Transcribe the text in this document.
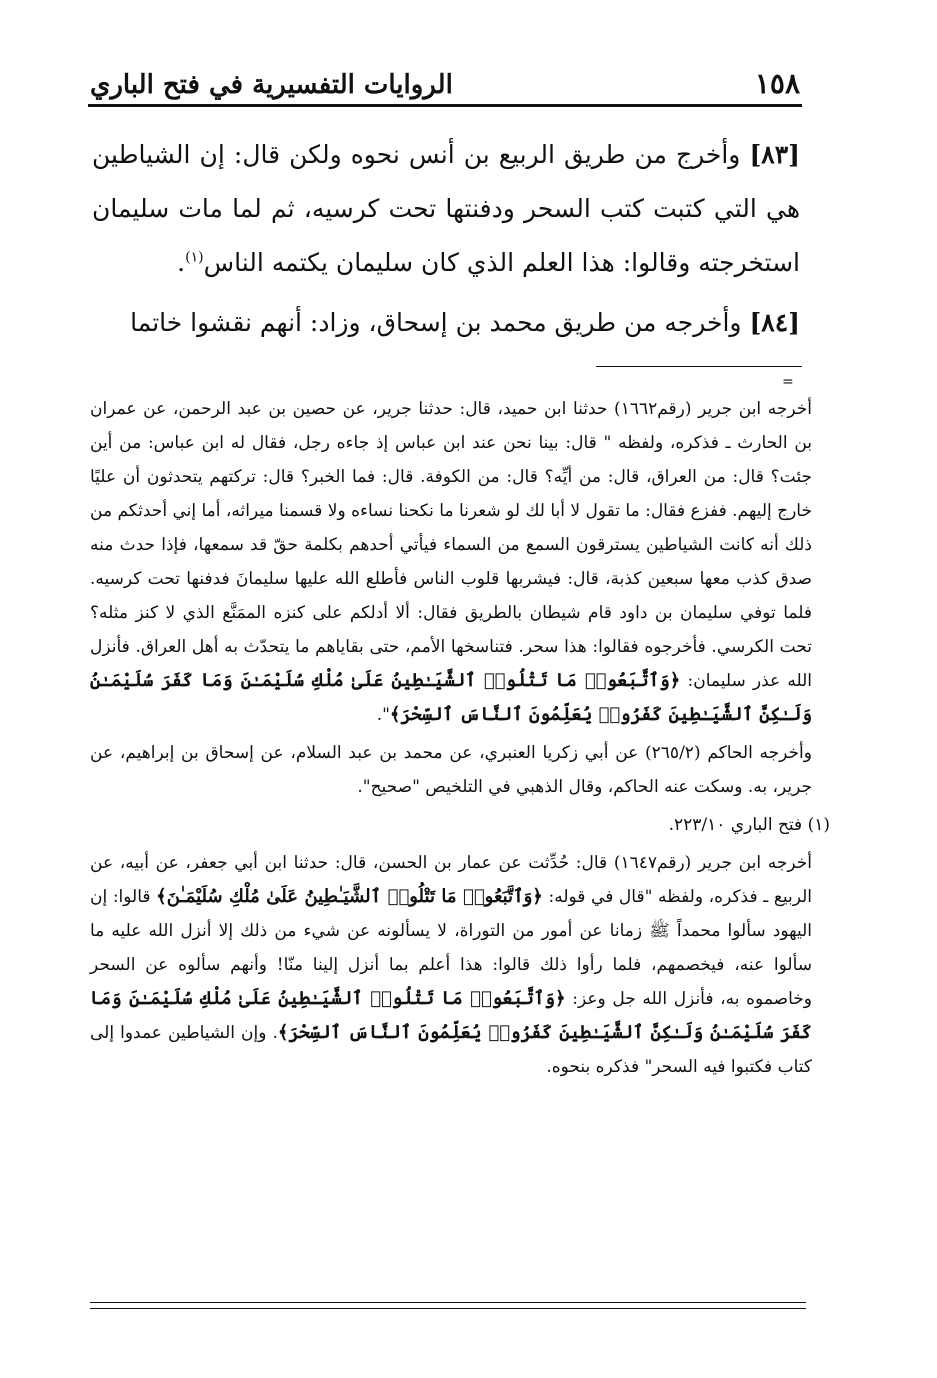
١٥٨
الروايات التفسيرية في فتح الباري

[٨٣] وأخرج من طريق الربيع بن أنس نحوه ولكن قال: إن الشياطين هي التي كتبت كتب السحر ودفنتها تحت كرسيه، ثم لما مات سليمان استخرجته وقالوا: هذا العلم الذي كان سليمان يكتمه الناس$^{(١)}$.

[٨٤] وأخرجه من طريق محمد بن إسحاق، وزاد: أنهم نقشوا خاتما

=

أخرجه ابن جرير (رقم١٦٦٢) حدثنا ابن حميد، قال: حدثنا جرير، عن حصين بن عبد الرحمن، عن عمران بن الحارث ـ فذكره، ولفظه " قال: بينا نحن عند ابن عباس إذ جاءه رجل، فقال له ابن عباس: من أين جئت؟ قال: من العراق، قال: من أيِّه؟ قال: من الكوفة. قال: فما الخبر؟ قال: تركتهم يتحدثون أن عليًا خارج إليهم. ففزع فقال: ما تقول لا أبا لك لو شعرنا ما نكحنا نساءه ولا قسمنا ميراثه، أما إني أحدثكم من ذلك أنه كانت الشياطين يسترقون السمع من السماء فيأتي أحدهم بكلمة حقّ قد سمعها، فإذا حدث منه صدق كذب معها سبعين كذبة، قال: فيشربها قلوب الناس فأطلع الله عليها سليمانَ فدفنها تحت كرسيه. فلما توفي سليمان بن داود قام شيطان بالطريق فقال: ألا أدلكم على كنزه الممَنَّع الذي لا كنز مثله؟ تحت الكرسي. فأخرجوه فقالوا: هذا سحر. فتناسخها الأمم، حتى بقاياهم ما يتحدّث به أهل العراق. فأنزل الله عذر سليمان: ﴿وَٱتَّبَعُوا۟ مَا تَتْلُوا۟ ٱلشَّيَـٰطِينُ عَلَىٰ مُلْكِ سُلَيْمَـٰنَ وَمَا كَفَرَ سُلَيْمَـٰنُ وَلَـٰكِنَّ ٱلشَّيَـٰطِينَ كَفَرُوا۟ يُعَلِّمُونَ ٱلنَّاسَ ٱلسِّحْرَ﴾".

وأخرجه الحاكم (٢٦٥/٢) عن أبي زكريا العنبري، عن محمد بن عبد السلام، عن إسحاق بن إبراهيم، عن جرير، به. وسكت عنه الحاكم، وقال الذهبي في التلخيص "صحيح".

(١) فتح الباري ٢٢٣/١٠.

أخرجه ابن جرير (رقم١٦٤٧) قال: حُدِّثت عن عمار بن الحسن، قال: حدثنا ابن أبي جعفر، عن أبيه، عن الربيع ـ فذكره، ولفظه "قال في قوله: ﴿وَٱتَّبَعُوا۟ مَا تَتْلُوا۟ ٱلشَّيَـٰطِينُ عَلَىٰ مُلْكِ سُلَيْمَـٰنَ﴾ قالوا: إن اليهود سألوا محمداً ﷺ زمانا عن أمور من التوراة، لا يسألونه عن شيء من ذلك إلا أنزل الله عليه ما سألوا عنه، فيخصمهم، فلما رأوا ذلك قالوا: هذا أعلم بما أنزل إلينا منّا! وأنهم سألوه عن السحر وخاصموه به، فأنزل الله جل وعز: ﴿وَٱتَّبَعُوا۟ مَا تَتْلُوا۟ ٱلشَّيَـٰطِينُ عَلَىٰ مُلْكِ سُلَيْمَـٰنَ وَمَا كَفَرَ سُلَيْمَـٰنُ وَلَـٰكِنَّ ٱلشَّيَـٰطِينَ كَفَرُوا۟ يُعَلِّمُونَ ٱلنَّاسَ ٱلسِّحْرَ﴾. وإن الشياطين عمدوا إلى كتاب فكتبوا فيه السحر" فذكره بنحوه.
